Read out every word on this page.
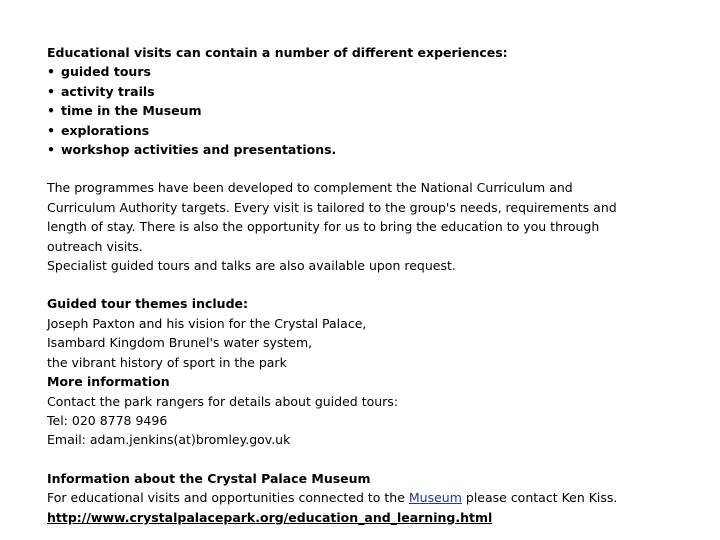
Educational visits can contain a number of different experiences:
• guided tours
• activity trails
• time in the Museum
• explorations
• workshop activities and presentations.
The programmes have been developed to complement the National Curriculum and
Curriculum Authority targets. Every visit is tailored to the group's needs, requirements and
length of stay. There is also the opportunity for us to bring the education to you through
outreach visits.
Specialist guided tours and talks are also available upon request.
Guided tour themes include:
Joseph Paxton and his vision for the Crystal Palace,
Isambard Kingdom Brunel's water system,
the vibrant history of sport in the park
More information
Contact the park rangers for details about guided tours:
Tel: 020 8778 9496
Email: adam.jenkins(at)bromley.gov.uk
Information about the Crystal Palace Museum
For educational visits and opportunities connected to the Museum please contact Ken Kiss.
http://www.crystalpalacepark.org/education_and_learning.html
